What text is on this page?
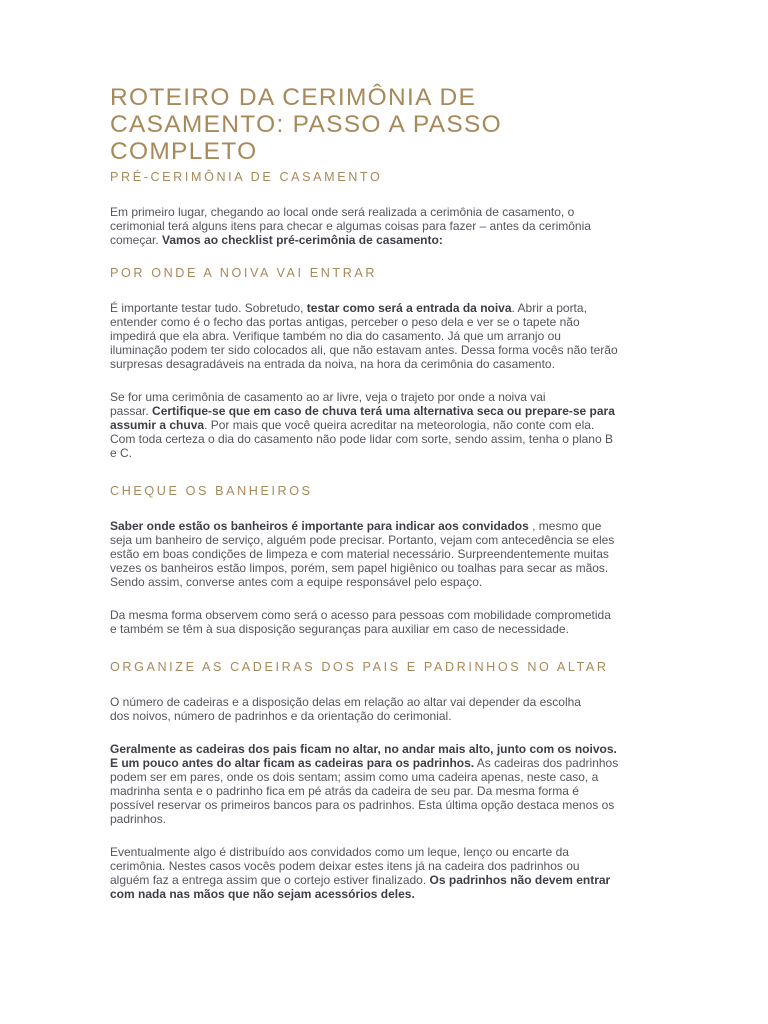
ROTEIRO DA CERIMÔNIA DE
CASAMENTO: PASSO A PASSO
COMPLETO
PRÉ-CERIMÔNIA DE CASAMENTO

Em primeiro lugar, chegando ao local onde será realizada a cerimônia de casamento, o
cerimonial terá alguns itens para checar e algumas coisas para fazer – antes da cerimônia
começar. Vamos ao checklist pré-cerimônia de casamento:

POR ONDE A NOIVA VAI ENTRAR

É importante testar tudo. Sobretudo, testar como será a entrada da noiva. Abrir a porta,
entender como é o fecho das portas antigas, perceber o peso dela e ver se o tapete não
impedirá que ela abra. Verifique também no dia do casamento. Já que um arranjo ou
iluminação podem ter sido colocados ali, que não estavam antes. Dessa forma vocês não terão
surpresas desagradáveis na entrada da noiva, na hora da cerimônia do casamento.

Se for uma cerimônia de casamento ao ar livre, veja o trajeto por onde a noiva vai
passar. Certifique-se que em caso de chuva terá uma alternativa seca ou prepare-se para
assumir a chuva. Por mais que você queira acreditar na meteorologia, não conte com ela.
Com toda certeza o dia do casamento não pode lidar com sorte, sendo assim, tenha o plano B
e C.

CHEQUE OS BANHEIROS

Saber onde estão os banheiros é importante para indicar aos convidados , mesmo que
seja um banheiro de serviço, alguém pode precisar. Portanto, vejam com antecedência se eles
estão em boas condições de limpeza e com material necessário. Surpreendentemente muitas
vezes os banheiros estão limpos, porém, sem papel higiênico ou toalhas para secar as mãos.
Sendo assim, converse antes com a equipe responsável pelo espaço.

Da mesma forma observem como será o acesso para pessoas com mobilidade comprometida
e também se têm à sua disposição seguranças para auxiliar em caso de necessidade.

ORGANIZE AS CADEIRAS DOS PAIS E PADRINHOS NO ALTAR

O número de cadeiras e a disposição delas em relação ao altar vai depender da escolha
dos noivos, número de padrinhos e da orientação do cerimonial.

Geralmente as cadeiras dos pais ficam no altar, no andar mais alto, junto com os noivos.
E um pouco antes do altar ficam as cadeiras para os padrinhos. As cadeiras dos padrinhos
podem ser em pares, onde os dois sentam; assim como uma cadeira apenas, neste caso, a
madrinha senta e o padrinho fica em pé atrás da cadeira de seu par. Da mesma forma é
possível reservar os primeiros bancos para os padrinhos. Esta última opção destaca menos os
padrinhos.

Eventualmente algo é distribuído aos convidados como um leque, lenço ou encarte da
cerimônia. Nestes casos vocês podem deixar estes itens já na cadeira dos padrinhos ou
alguém faz a entrega assim que o cortejo estiver finalizado. Os padrinhos não devem entrar
com nada nas mãos que não sejam acessórios deles.
